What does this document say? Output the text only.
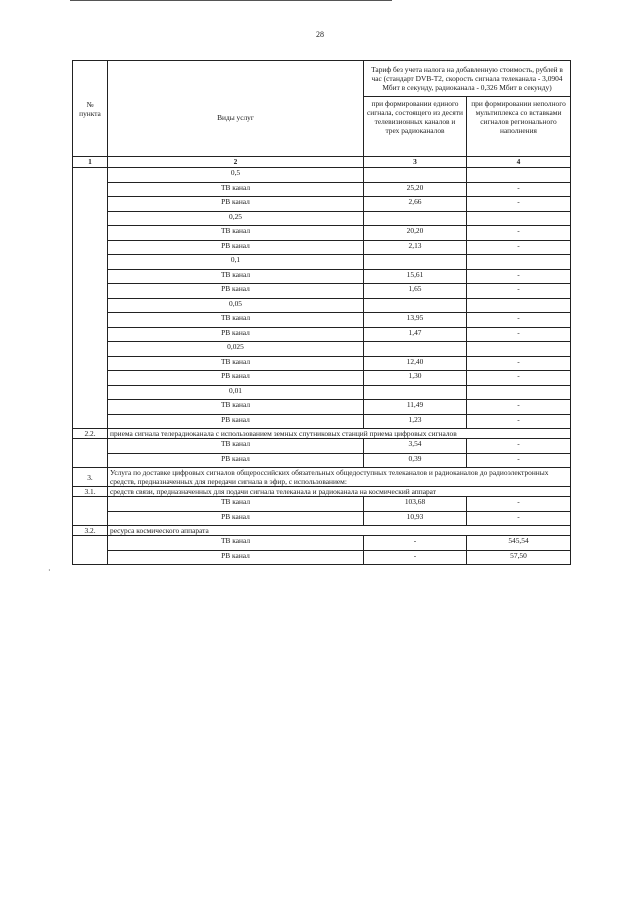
28
·
№
пункта	Виды услуг	Тариф без учета налога на добавленную стоимость, рублей в час (стандарт DVB-T2, скорость сигнала телеканала - 3,0904 Мбит в секунду, радиоканала - 0,326 Мбит в секунду)	
		при формировании единого сигнала, состоящего из десяти телевизионных каналов и трех радиоканалов	при формировании неполного мультиплекса со вставками сигналов регионального наполнения
1	2	3	4
	0,5		
	ТВ канал	25,20	-
	РВ канал	2,66	-
	0,25		
	ТВ канал	20,20	-
	РВ канал	2,13	-
	0,1		
	ТВ канал	15,61	-
	РВ канал	1,65	-
	0,05		
	ТВ канал	13,95	-
	РВ канал	1,47	-
	0,025		
	ТВ канал	12,40	-
	РВ канал	1,30	-
	0,01		
	ТВ канал	11,49	-
	РВ канал	1,23	-
2.2.	приема сигнала телерадиоканала с использованием земных спутниковых станций приема цифровых сигналов		
	ТВ канал	3,54	-
	РВ канал	0,39	-
3.	Услуга по доставке цифровых сигналов общероссийских обязательных общедоступных телеканалов и радиоканалов до радиоэлектронных средств, предназначенных для передачи сигнала в эфир, с использованием:		
3.1.	средств связи, предназначенных для подачи сигнала телеканала и радиоканала на космический аппарат		
	ТВ канал	103,68	-
	РВ канал	10,93	-
3.2.	ресурса космического аппарата		
	ТВ канал	-	545,54
	РВ канал	-	57,50
